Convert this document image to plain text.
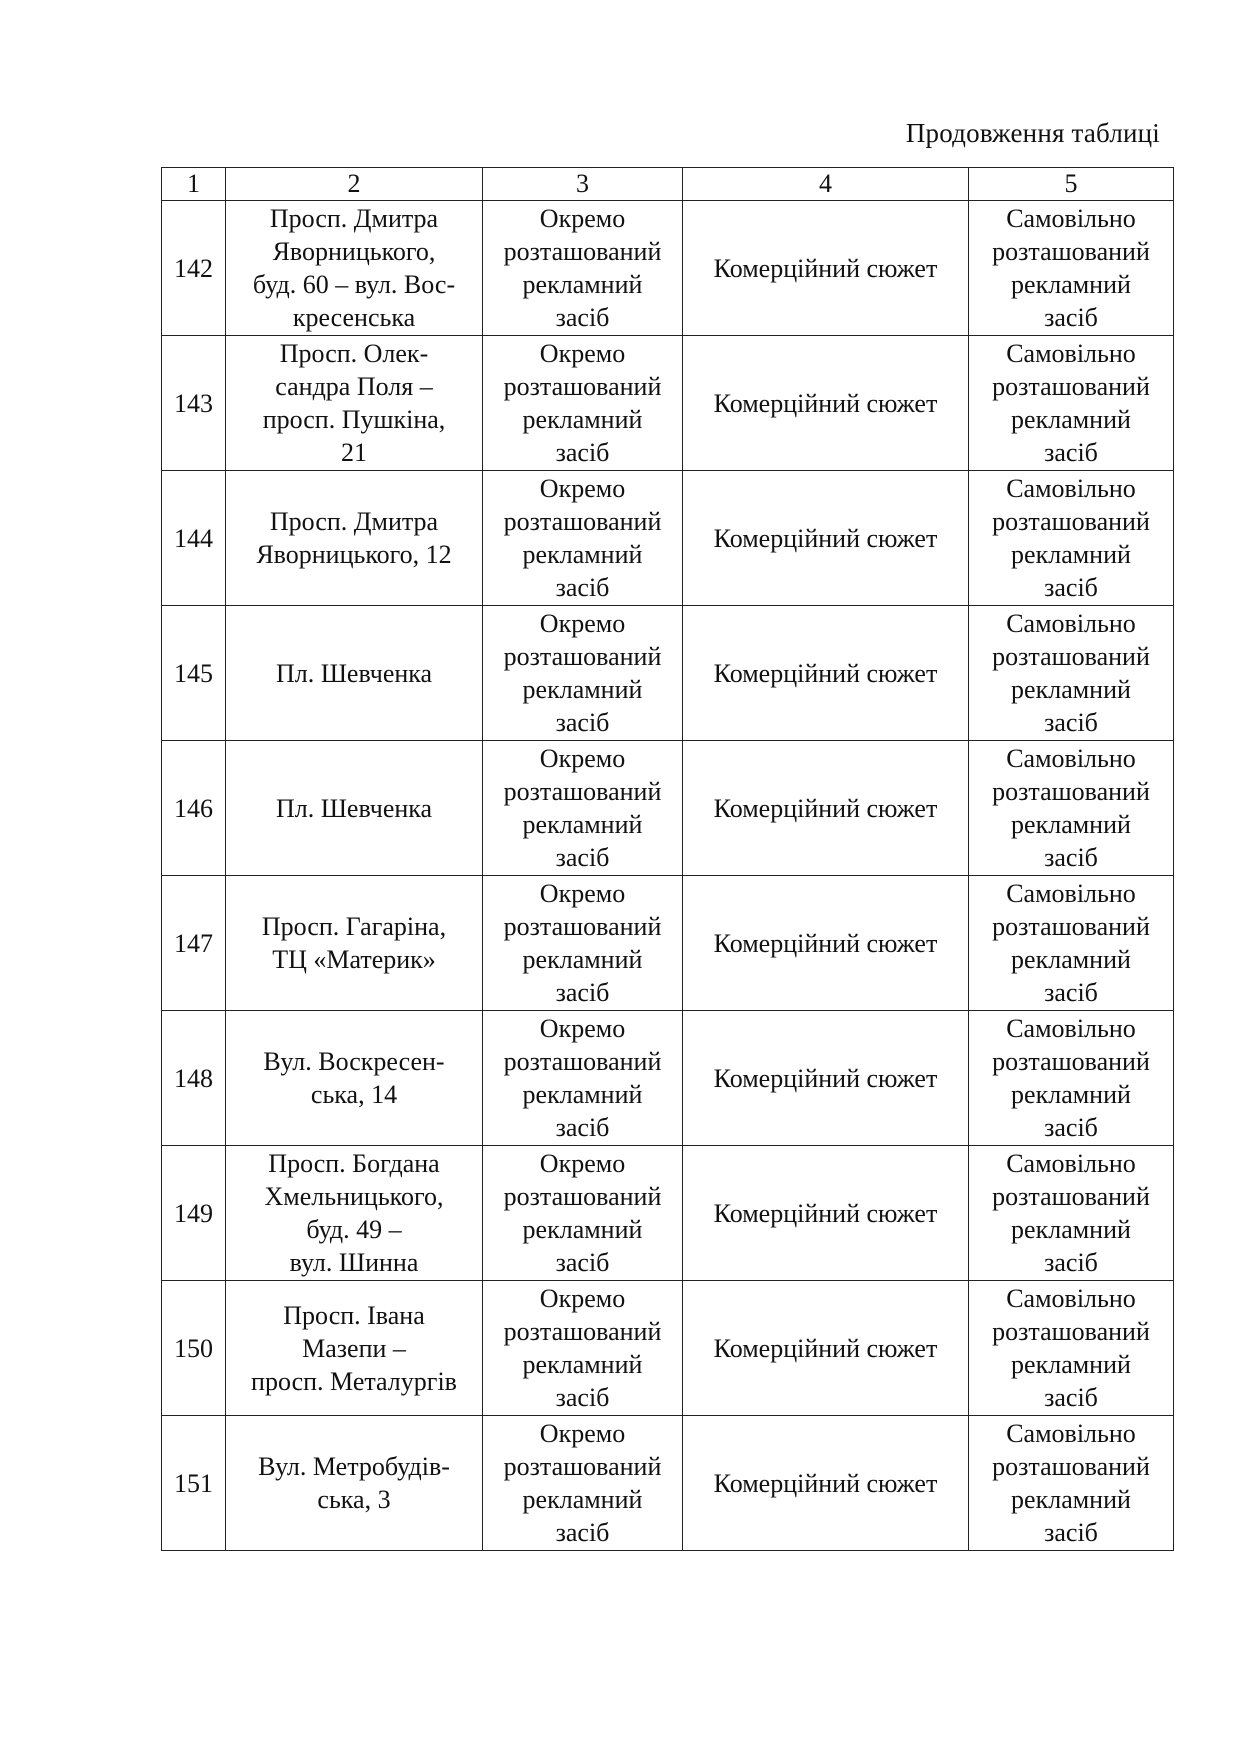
Продовження таблиці
1	2	3	4	5
142	Просп. Дмитра
Яворницького,
буд. 60 – вул. Вос-
кресенська	Окремо
розташований
рекламний
засіб	Комерційний сюжет	Самовільно
розташований
рекламний
засіб
143	Просп. Олек-
сандра Поля –
просп. Пушкіна,
21	Окремо
розташований
рекламний
засіб	Комерційний сюжет	Самовільно
розташований
рекламний
засіб
144	Просп. Дмитра
Яворницького, 12	Окремо
розташований
рекламний
засіб	Комерційний сюжет	Самовільно
розташований
рекламний
засіб
145	Пл. Шевченка	Окремо
розташований
рекламний
засіб	Комерційний сюжет	Самовільно
розташований
рекламний
засіб
146	Пл. Шевченка	Окремо
розташований
рекламний
засіб	Комерційний сюжет	Самовільно
розташований
рекламний
засіб
147	Просп. Гагаріна,
ТЦ «Материк»	Окремо
розташований
рекламний
засіб	Комерційний сюжет	Самовільно
розташований
рекламний
засіб
148	Вул. Воскресен-
ська, 14	Окремо
розташований
рекламний
засіб	Комерційний сюжет	Самовільно
розташований
рекламний
засіб
149	Просп. Богдана
Хмельницького,
буд. 49 –
вул. Шинна	Окремо
розташований
рекламний
засіб	Комерційний сюжет	Самовільно
розташований
рекламний
засіб
150	Просп. Івана
Мазепи –
просп. Металургів	Окремо
розташований
рекламний
засіб	Комерційний сюжет	Самовільно
розташований
рекламний
засіб
151	Вул. Метробудів-
ська, 3	Окремо
розташований
рекламний
засіб	Комерційний сюжет	Самовільно
розташований
рекламний
засіб
